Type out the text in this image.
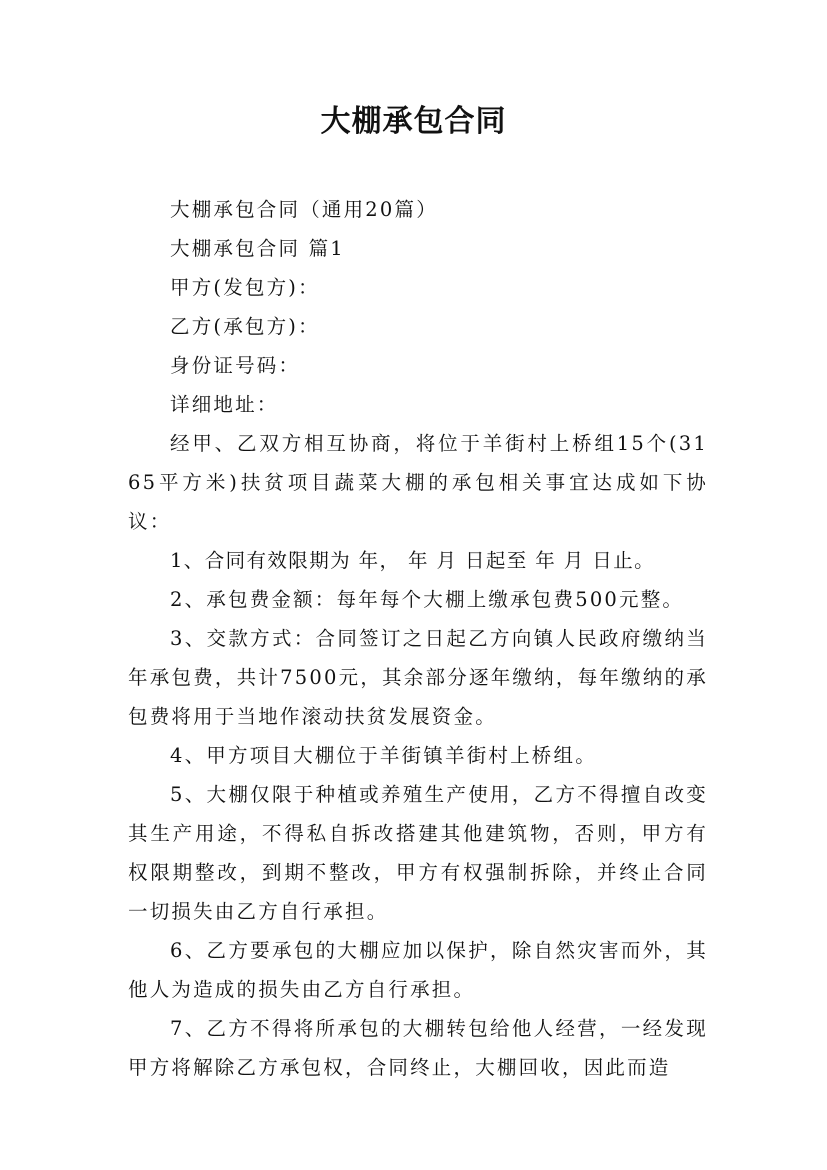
大棚承包合同

大棚承包合同（通用20篇）

大棚承包合同 篇1

甲方(发包方)：

乙方(承包方)：

身份证号码：

详细地址：

经甲、乙双方相互协商，将位于羊街村上桥组15个(3165平方米)扶贫项目蔬菜大棚的承包相关事宜达成如下协议：

1、合同有效限期为 年， 年 月 日起至 年 月 日止。

2、承包费金额：每年每个大棚上缴承包费500元整。

3、交款方式：合同签订之日起乙方向镇人民政府缴纳当年承包费，共计7500元，其余部分逐年缴纳，每年缴纳的承包费将用于当地作滚动扶贫发展资金。

4、甲方项目大棚位于羊街镇羊街村上桥组。

5、大棚仅限于种植或养殖生产使用，乙方不得擅自改变其生产用途，不得私自拆改搭建其他建筑物，否则，甲方有权限期整改，到期不整改，甲方有权强制拆除，并终止合同一切损失由乙方自行承担。

6、乙方要承包的大棚应加以保护，除自然灾害而外，其他人为造成的损失由乙方自行承担。

7、乙方不得将所承包的大棚转包给他人经营，一经发现甲方将解除乙方承包权，合同终止，大棚回收，因此而造
